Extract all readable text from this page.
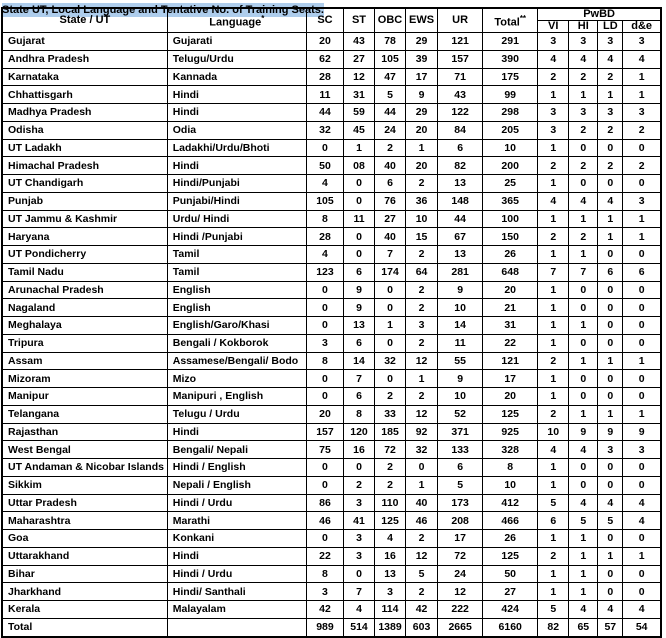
State UT, Local Language and Tentative No. of Training Seats.
State / UT	Language*	SC	ST	OBC	EWS	UR	Total**	PwBD			
								VI	HI	LD	d&e
Gujarat	Gujarati	20	43	78	29	121	291	3	3	3	3
Andhra Pradesh	Telugu/Urdu	62	27	105	39	157	390	4	4	4	4
Karnataka	Kannada	28	12	47	17	71	175	2	2	2	1
Chhattisgarh	Hindi	11	31	5	9	43	99	1	1	1	1
Madhya Pradesh	Hindi	44	59	44	29	122	298	3	3	3	3
Odisha	Odia	32	45	24	20	84	205	3	2	2	2
UT Ladakh	Ladakhi/Urdu/Bhoti	0	1	2	1	6	10	1	0	0	0
Himachal Pradesh	Hindi	50	08	40	20	82	200	2	2	2	2
UT Chandigarh	Hindi/Punjabi	4	0	6	2	13	25	1	0	0	0
Punjab	Punjabi/Hindi	105	0	76	36	148	365	4	4	4	3
UT Jammu & Kashmir	Urdu/ Hindi	8	11	27	10	44	100	1	1	1	1
Haryana	Hindi /Punjabi	28	0	40	15	67	150	2	2	1	1
UT Pondicherry	Tamil	4	0	7	2	13	26	1	1	0	0
Tamil Nadu	Tamil	123	6	174	64	281	648	7	7	6	6
Arunachal Pradesh	English	0	9	0	2	9	20	1	0	0	0
Nagaland	English	0	9	0	2	10	21	1	0	0	0
Meghalaya	English/Garo/Khasi	0	13	1	3	14	31	1	1	0	0
Tripura	Bengali / Kokborok	3	6	0	2	11	22	1	0	0	0
Assam	Assamese/Bengali/ Bodo	8	14	32	12	55	121	2	1	1	1
Mizoram	Mizo	0	7	0	1	9	17	1	0	0	0
Manipur	Manipuri , English	0	6	2	2	10	20	1	0	0	0
Telangana	Telugu / Urdu	20	8	33	12	52	125	2	1	1	1
Rajasthan	Hindi	157	120	185	92	371	925	10	9	9	9
West Bengal	Bengali/ Nepali	75	16	72	32	133	328	4	4	3	3
UT Andaman & Nicobar Islands	Hindi / English	0	0	2	0	6	8	1	0	0	0
Sikkim	Nepali / English	0	2	2	1	5	10	1	0	0	0
Uttar Pradesh	Hindi / Urdu	86	3	110	40	173	412	5	4	4	4
Maharashtra	Marathi	46	41	125	46	208	466	6	5	5	4
Goa	Konkani	0	3	4	2	17	26	1	1	0	0
Uttarakhand	Hindi	22	3	16	12	72	125	2	1	1	1
Bihar	Hindi / Urdu	8	0	13	5	24	50	1	1	0	0
Jharkhand	Hindi/ Santhali	3	7	3	2	12	27	1	1	0	0
Kerala	Malayalam	42	4	114	42	222	424	5	4	4	4
Total		989	514	1389	603	2665	6160	82	65	57	54
